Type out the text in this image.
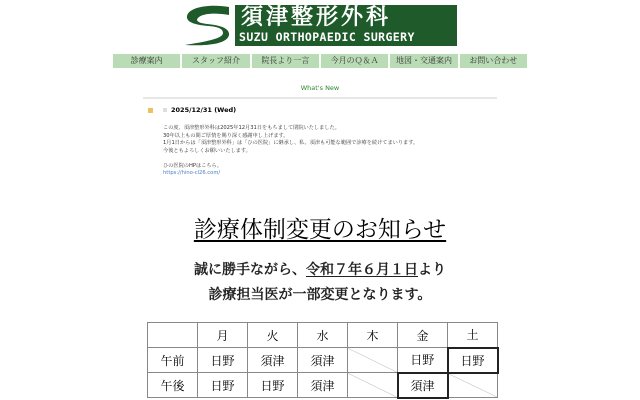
須津整形外科
SUZU ORTHOPAEDIC SURGERY
診療案内	スタッフ紹介	院長より一言	今月のＱ＆Ａ	地図・交通案内	お問い合わせ
What's New
2025/12/31 (Wed)
この度、須津整形外科は2025年12月31日をもちまして閉院いたしました。
30年以上もの間ご厚情を賜り深く感謝申し上げます。
1月1日からは「須津整形外科」は「ひの医院」に継承し、私、須津も可能な範囲で診療を続けてまいります。
今後ともよろしくお願いいたします。
ひの医院のHPはこちら。
https://hino-cl26.com/
診療体制変更のお知らせ
誠に勝手ながら、令和７年６月１日より
診療担当医が一部変更となります。
	月	火	水	木	金	土
午前	日野	須津	須津		日野	日野
午後	日野	日野	須津		須津	
